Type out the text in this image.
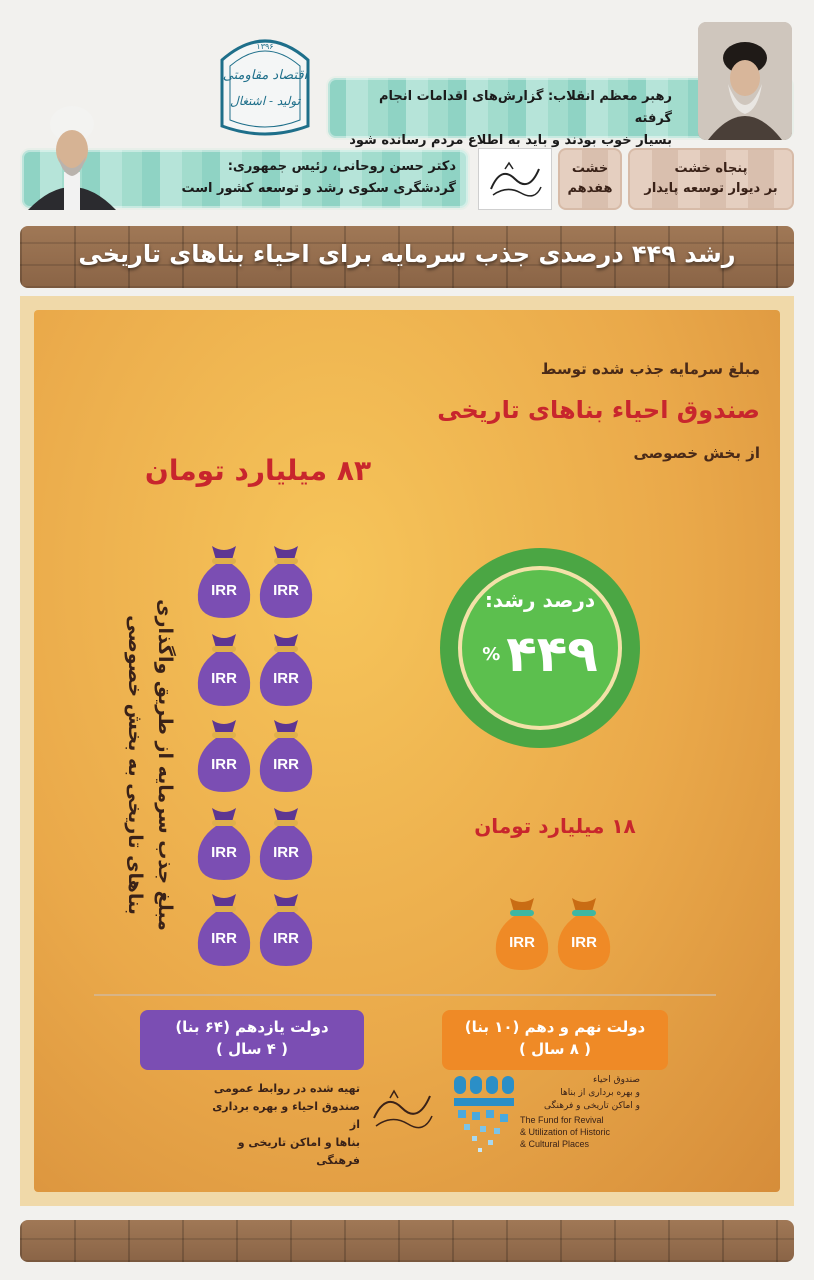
رهبر معظم انقلاب: گزارش‌های اقدامات انجام گرفته
بسیار خوب بودند و باید به اطلاع مردم رسانده شود
۱۳۹۶
اقتصاد مقاومتی
تولید - اشتغال
دکتر حسن روحانی، رئیس جمهوری:
گردشگری سکوی رشد و توسعه کشور است
خشت
هفدهم
پنجاه خشت
بر دیوار توسعه پایدار
رشد ۴۴۹ درصدی جذب سرمایه برای احیاء بناهای تاریخی
مبلغ سرمایه جذب شده توسط
صندوق احیاء بناهای تاریخی
از بخش خصوصی
۸۳ میلیارد تومان
IRR	IRR
IRR	IRR
IRR	IRR
IRR	IRR
IRR	IRR
مبلغ جذب سرمایه از طریق واگذاری
بناهای تاریخی به بخش خصوصی
درصد رشد:
% ۴۴۹
۱۸ میلیارد تومان
IRR	IRR
دولت یازدهم (۶۴ بنا)
( ۴ سال )
دولت نهم و دهم (۱۰ بنا)
( ۸ سال )
تهیه شده در روابط عمومی
صندوق احیاء و بهره برداری از
بناها و اماکن تاریخی و فرهنگی
صندوق احیاء
و بهره برداری از بناها
و اماکن تاریخی و فرهنگی
The Fund for Revival
& Utilization of Historic
& Cultural Places
